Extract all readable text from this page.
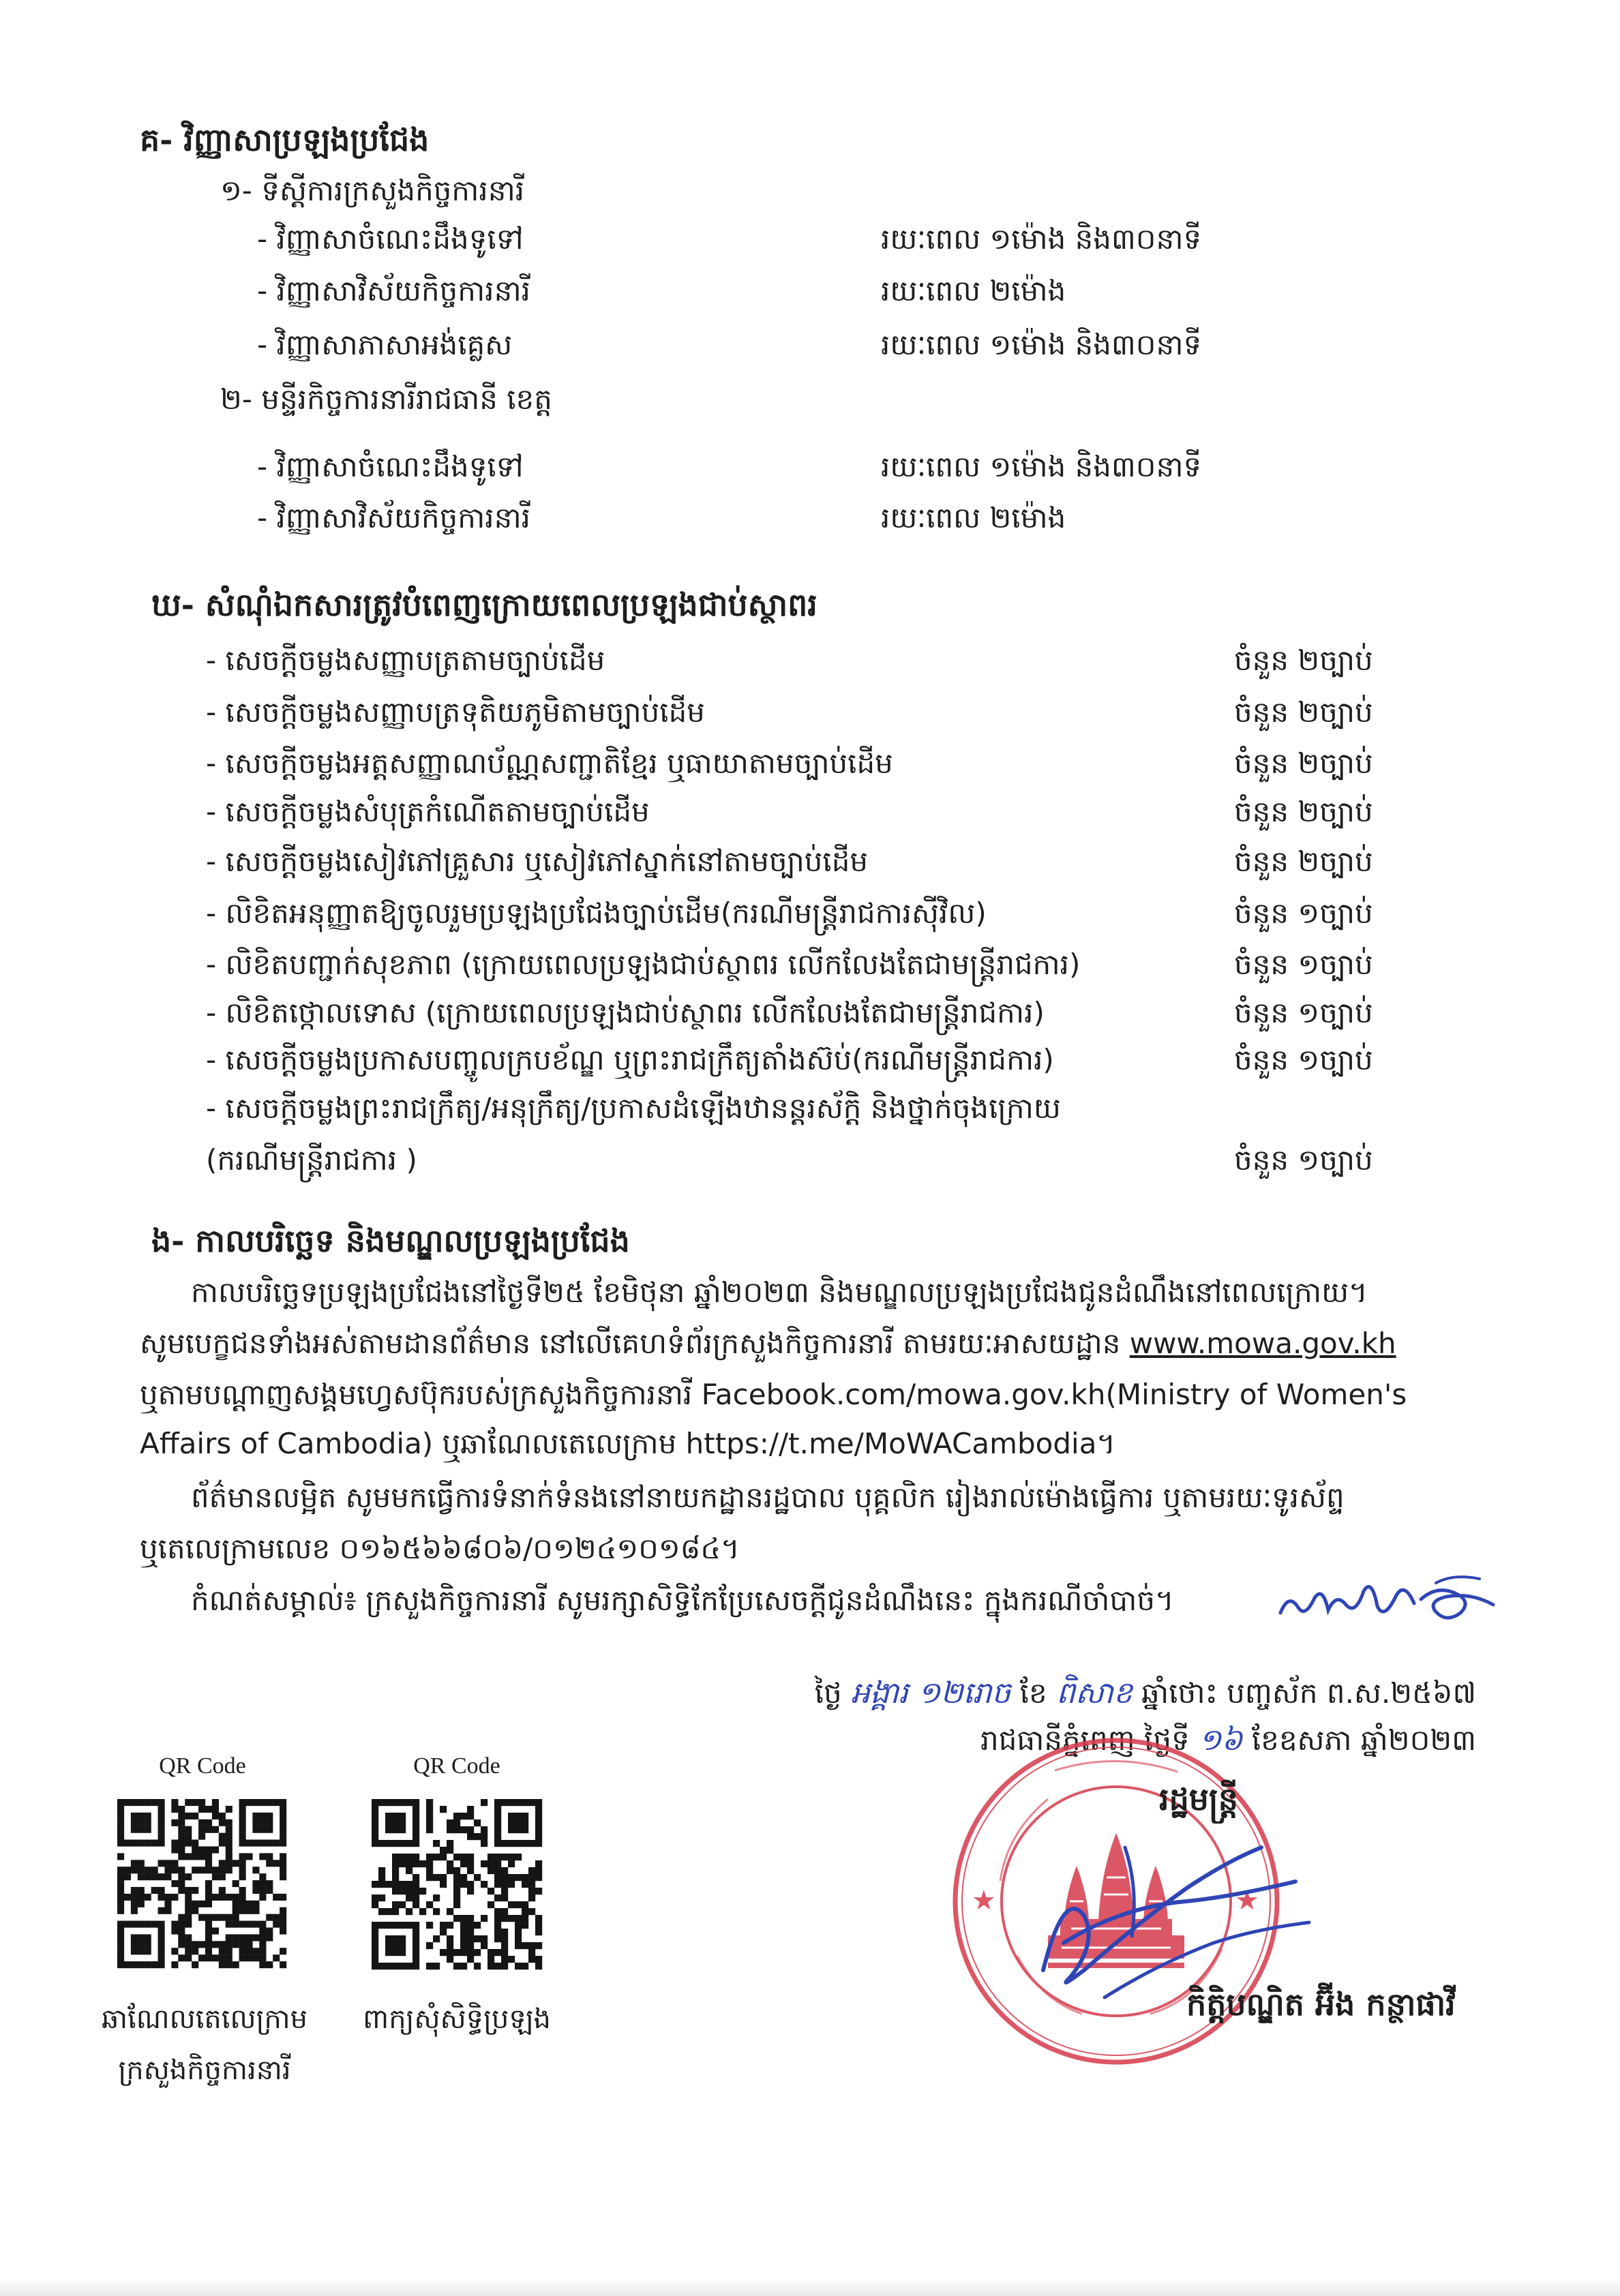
គ- វិញ្ញាសាប្រឡងប្រជែង
១- ទីស្តីការក្រសួងកិច្ចការនារី
- វិញ្ញាសាចំណេះដឹងទូទៅ	រយៈពេល ១ម៉ោង និង៣០នាទី
- វិញ្ញាសាវិស័យកិច្ចការនារី	រយៈពេល ២ម៉ោង
- វិញ្ញាសាភាសាអង់គ្លេស	រយៈពេល ១ម៉ោង និង៣០នាទី
២- មន្ទីរកិច្ចការនារីរាជធានី ខេត្ត
- វិញ្ញាសាចំណេះដឹងទូទៅ	រយៈពេល ១ម៉ោង និង៣០នាទី
- វិញ្ញាសាវិស័យកិច្ចការនារី	រយៈពេល ២ម៉ោង
ឃ- សំណុំឯកសារត្រូវបំពេញក្រោយពេលប្រឡងជាប់ស្ថាពរ
- សេចក្តីចម្លងសញ្ញាបត្រតាមច្បាប់ដើម	ចំនួន ២ច្បាប់
- សេចក្តីចម្លងសញ្ញាបត្រទុតិយភូមិតាមច្បាប់ដើម	ចំនួន ២ច្បាប់
- សេចក្តីចម្លងអត្តសញ្ញាណប័ណ្ណសញ្ជាតិខ្មែរ ឬធាយាតាមច្បាប់ដើម	ចំនួន ២ច្បាប់
- សេចក្តីចម្លងសំបុត្រកំណើតតាមច្បាប់ដើម	ចំនួន ២ច្បាប់
- សេចក្តីចម្លងសៀវភៅគ្រួសារ ឬសៀវភៅស្នាក់នៅតាមច្បាប់ដើម	ចំនួន ២ច្បាប់
- លិខិតអនុញ្ញាតឱ្យចូលរួមប្រឡងប្រជែងច្បាប់ដើម(ករណីមន្ត្រីរាជការស៊ីវិល)	ចំនួន ១ច្បាប់
- លិខិតបញ្ជាក់សុខភាព (ក្រោយពេលប្រឡងជាប់ស្ថាពរ លើកលែងតែជាមន្ត្រីរាជការ)	ចំនួន ១ច្បាប់
- លិខិតថ្កោលទោស (ក្រោយពេលប្រឡងជាប់ស្ថាពរ លើកលែងតែជាមន្ត្រីរាជការ)	ចំនួន ១ច្បាប់
- សេចក្តីចម្លងប្រកាសបញ្ចូលក្របខ័ណ្ឌ ឬព្រះរាជក្រឹត្យតាំងស៊ប់(ករណីមន្ត្រីរាជការ)	ចំនួន ១ច្បាប់
- សេចក្តីចម្លងព្រះរាជក្រឹត្យ/អនុក្រឹត្យ/ប្រកាសដំឡើងឋានន្តរស័ក្តិ និងថ្នាក់ចុងក្រោយ
(ករណីមន្ត្រីរាជការ )	ចំនួន ១ច្បាប់
ង- កាលបរិច្ឆេទ និងមណ្ឌលប្រឡងប្រជែង
កាលបរិច្ឆេទប្រឡងប្រជែងនៅថ្ងៃទី២៥ ខែមិថុនា ឆ្នាំ២០២៣ និងមណ្ឌលប្រឡងប្រជែងជូនដំណឹងនៅពេលក្រោយ។
សូមបេក្ខជនទាំងអស់តាមដានព័ត៌មាន នៅលើគេហទំព័រក្រសួងកិច្ចការនារី តាមរយៈអាសយដ្ឋាន www.mowa.gov.kh
ឬតាមបណ្តាញសង្គមហ្វេសប៊ុករបស់ក្រសួងកិច្ចការនារី Facebook.com/mowa.gov.kh(Ministry of Women's
Affairs of Cambodia) ឬឆាណែលតេលេក្រាម https://t.me/MoWACambodia។
ព័ត៌មានលម្អិត សូមមកធ្វើការទំនាក់ទំនងនៅនាយកដ្ឋានរដ្ឋបាល បុគ្គលិក រៀងរាល់ម៉ោងធ្វើការ ឬតាមរយៈទូរស័ព្ទ
ឬតេលេក្រាមលេខ ០១៦៥៦៦៨០៦/០១២៤១០១៨៤។
កំណត់សម្គាល់៖ ក្រសួងកិច្ចការនារី សូមរក្សាសិទ្ធិកែប្រែសេចក្តីជូនដំណឹងនេះ ក្នុងករណីចាំបាច់។
ថ្ងៃ អង្គារ ១២រោច ខែ ពិសាខ ឆ្នាំថោះ បញ្ចស័ក ព.ស.២៥៦៧
រាជធានីភ្នំពេញ ថ្ងៃទី ១៦ ខែឧសភា ឆ្នាំ២០២៣
★	★
រដ្ឋមន្ត្រី
កិត្តិបណ្ឌិត អ៊ីង កន្ថាផាវី
QR Code	QR Code
ឆាណែលតេលេក្រាម
ក្រសួងកិច្ចការនារី
ពាក្យសុំសិទ្ធិប្រឡង
